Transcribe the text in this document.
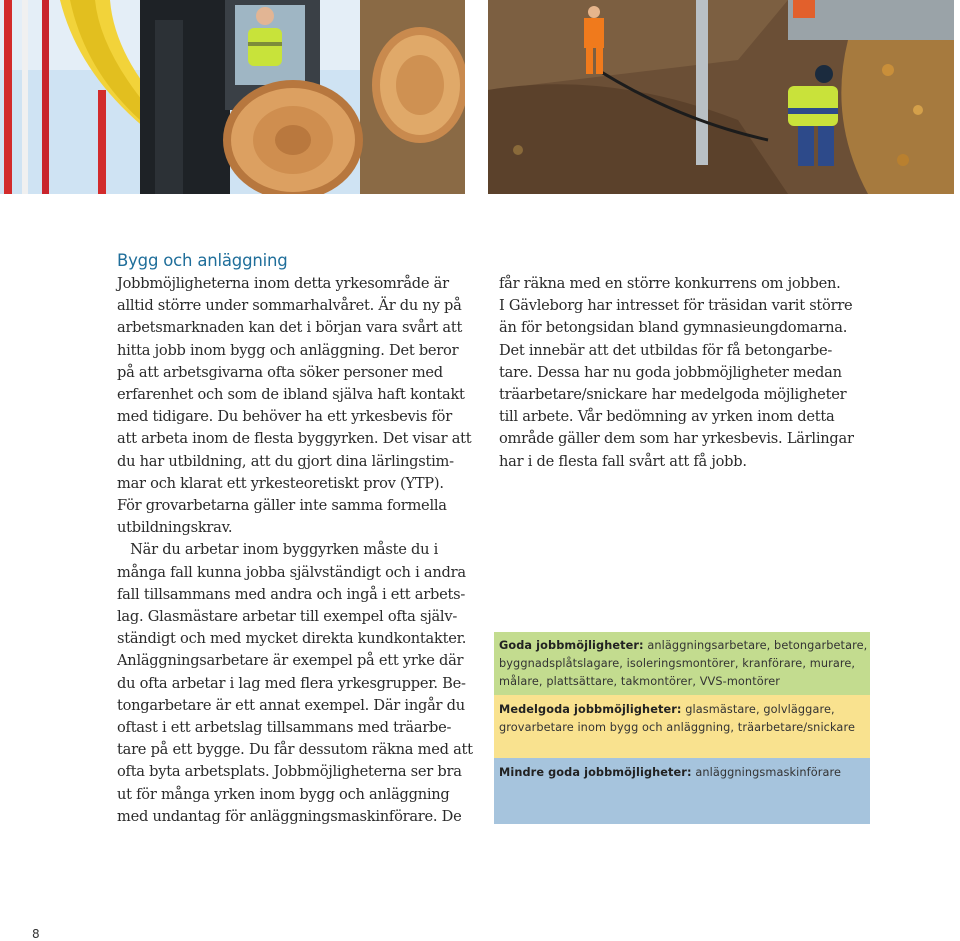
Bygg och anläggning
Jobbmöjligheterna inom detta yrkesområde är
alltid större under sommarhalvåret. Är du ny på
arbetsmarknaden kan det i början vara svårt att
hitta jobb inom bygg och anläggning. Det beror
på att arbetsgivarna ofta söker personer med
erfarenhet och som de ibland själva haft kontakt
med tidigare. Du behöver ha ett yrkesbevis för
att arbeta inom de flesta byggyrken. Det visar att
du har utbildning, att du gjort dina lärlingstim-
mar och klarat ett yrkesteoretiskt prov (YTP).
För grovarbetarna gäller inte samma formella
utbildningskrav.
När du arbetar inom byggyrken måste du i
många fall kunna jobba självständigt och i andra
fall tillsammans med andra och ingå i ett arbets-
lag. Glasmästare arbetar till exempel ofta själv-
ständigt och med mycket direkta kundkontakter.
Anläggningsarbetare är exempel på ett yrke där
du ofta arbetar i lag med flera yrkesgrupper. Be-
tongarbetare är ett annat exempel. Där ingår du
oftast i ett arbetslag tillsammans med träarbe-
tare på ett bygge. Du får dessutom räkna med att
ofta byta arbetsplats. Jobbmöjligheterna ser bra
ut för många yrken inom bygg och anläggning
med undantag för anläggningsmaskinförare. De
får räkna med en större konkurrens om jobben.
I Gävleborg har intresset för träsidan varit större
än för betongsidan bland gymnasieungdomarna.
Det innebär att det utbildas för få betongarbe-
tare. Dessa har nu goda jobbmöjligheter medan
träarbetare/snickare har medelgoda möjligheter
till arbete. Vår bedömning av yrken inom detta
område gäller dem som har yrkesbevis. Lärlingar
har i de flesta fall svårt att få jobb.
Goda jobbmöjligheter: anläggningsarbetare, betongarbetare,
byggnadsplåtslagare, isoleringsmontörer, kranförare, murare,
målare, plattsättare, takmontörer, VVS-montörer
Medelgoda jobbmöjligheter: glasmästare, golvläggare,
grovarbetare inom bygg och anläggning, träarbetare/snickare
Mindre goda jobbmöjligheter: anläggningsmaskinförare
8
